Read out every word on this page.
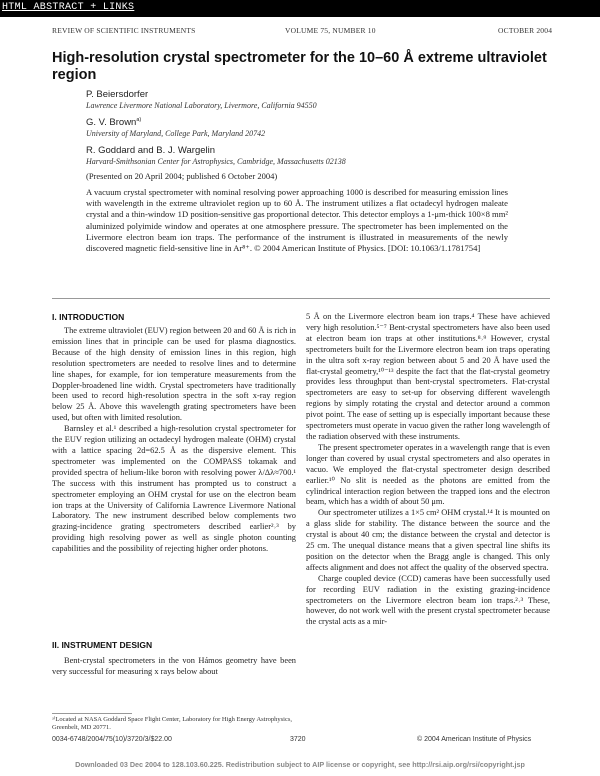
HTML ABSTRACT + LINKS
REVIEW OF SCIENTIFIC INSTRUMENTS	VOLUME 75, NUMBER 10	OCTOBER 2004
High-resolution crystal spectrometer for the 10–60 Å extreme ultraviolet region
P. Beiersdorfer
Lawrence Livermore National Laboratory, Livermore, California 94550
G. V. Brown$^{a)}$
University of Maryland, College Park, Maryland 20742
R. Goddard and B. J. Wargelin
Harvard-Smithsonian Center for Astrophysics, Cambridge, Massachusetts 02138
(Presented on 20 April 2004; published 6 October 2004)
A vacuum crystal spectrometer with nominal resolving power approaching 1000 is described for measuring emission lines with wavelength in the extreme ultraviolet region up to 60 Å. The instrument utilizes a flat octadecyl hydrogen maleate crystal and a thin-window 1D position-sensitive gas proportional detector. This detector employs a 1-μm-thick 100×8 mm² aluminized polyimide window and operates at one atmosphere pressure. The spectrometer has been implemented on the Livermore electron beam ion traps. The performance of the instrument is illustrated in measurements of the newly discovered magnetic field-sensitive line in Ar⁸⁺. © 2004 American Institute of Physics. [DOI: 10.1063/1.1781754]
I. INTRODUCTION

The extreme ultraviolet (EUV) region between 20 and 60 Å is rich in emission lines that in principle can be used for plasma diagnostics. Because of the high density of emission lines in this region, high resolution spectrometers are needed to resolve lines and to determine line shapes, for example, for ion temperature measurements from the Doppler-broadened line width. Crystal spectrometers have traditionally been used to record high-resolution spectra in the soft x-ray region below 25 Å. Above this wavelength grating spectrometers have been used, but often with limited resolution.

Barnsley et al.¹ described a high-resolution crystal spectrometer for the EUV region utilizing an octadecyl hydrogen maleate (OHM) crystal with a lattice spacing 2d=62.5 Å as the dispersive element. This spectrometer was implemented on the COMPASS tokamak and provided spectra of helium-like boron with resolving power λ/Δλ≈700.¹ The success with this instrument has prompted us to construct a spectrometer employing an OHM crystal for use on the electron beam ion traps at the University of California Lawrence Livermore National Laboratory. The new instrument described below complements two grazing-incidence grating spectrometers described earlier²˒³ by providing high resolving power as well as single photon counting capabilities and the possibility of rejecting higher order photons.

II. INSTRUMENT DESIGN

Bent-crystal spectrometers in the von Hámos geometry have been very successful for measuring x rays below about

ᵃ⁾Located at NASA Goddard Space Flight Center, Laboratory for High Energy Astrophysics, Greenbelt, MD 20771.

5 Å on the Livermore electron beam ion traps.⁴ These have achieved very high resolution.⁵⁻⁷ Bent-crystal spectrometers have also been used at electron beam ion traps at other institutions.⁸˒⁹ However, crystal spectrometers built for the Livermore electron beam ion traps operating in the ultra soft x-ray region between about 5 and 20 Å have used the flat-crystal geometry,¹⁰⁻¹³ despite the fact that the flat-crystal geometry provides less throughput than bent-crystal spectrometers. Flat-crystal spectrometers are easy to set-up for observing different wavelength regions by simply rotating the crystal and detector around a common pivot point. The ease of setting up is especially important because these spectrometers must operate in vacuo given the rather long wavelength of the radiation observed with these instruments.

The present spectrometer operates in a wavelength range that is even longer than covered by usual crystal spectrometers and also operates in vacuo. We employed the flat-crystal spectrometer design described earlier.¹⁰ No slit is needed as the photons are emitted from the cylindrical interaction region between the trapped ions and the electron beam, which has a width of about 50 μm.

Our spectrometer utilizes a 1×5 cm² OHM crystal.¹⁴ It is mounted on a glass slide for stability. The distance between the source and the crystal is about 40 cm; the distance between the crystal and detector is 25 cm. The unequal distance means that a given spectral line shifts its position on the detector when the Bragg angle is changed. This only affects alignment and does not affect the quality of the observed spectra.

Charge coupled device (CCD) cameras have been successfully used for recording EUV radiation in the existing grazing-incidence spectrometers on the Livermore electron beam ion traps.²˒³ These, however, do not work well with the present crystal spectrometer because the crystal acts as a mir-

0034-6748/2004/75(10)/3720/3/$22.00	3720	© 2004 American Institute of Physics
Downloaded 03 Dec 2004 to 128.103.60.225. Redistribution subject to AIP license or copyright, see http://rsi.aip.org/rsi/copyright.jsp
